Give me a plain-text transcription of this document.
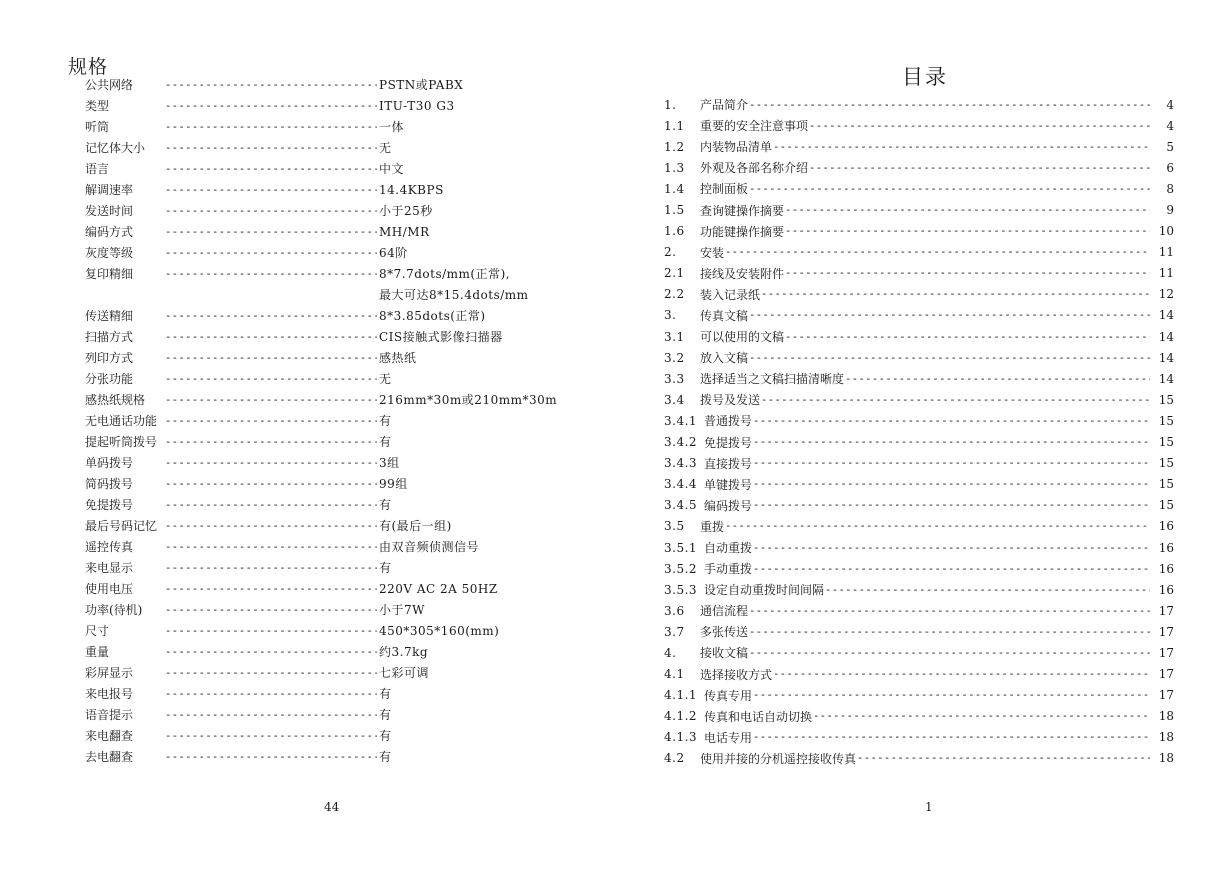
规格
公共网络 -----	PSTN或PABX
类型 -----	ITU-T30 G3
听筒 -----	一体
记忆体大小 -----	无
语言 -----	中文
解调速率 -----	14.4KBPS
发送时间 -----	小于25秒
编码方式 -----	MH/MR
灰度等级 -----	64阶
复印精细 -----	8*7.7dots/mm(正常),
最大可达8*15.4dots/mm
传送精细 -----	8*3.85dots(正常)
扫描方式 -----	CIS接触式影像扫描器
列印方式 -----	感热纸
分张功能 -----	无
感热纸规格 -----	216mm*30m或210mm*30m
无电通话功能 -----	有
提起听筒拨号 -----	有
单码拨号 -----	3组
简码拨号 -----	99组
免提拨号 -----	有
最后号码记忆 -----	有(最后一组)
遥控传真 -----	由双音频侦测信号
来电显示 -----	有
使用电压 -----	220V AC 2A 50HZ
功率(待机) -----	小于7W
尺寸 -----	450*305*160(mm)
重量 -----	约3.7kg
彩屏显示 -----	七彩可调
来电报号 -----	有
语音提示 -----	有
来电翻查 -----	有
去电翻查 -----	有
44
目录
1.	产品简介 -----	4
1.1	重要的安全注意事项 -----	4
1.2	内装物品清单 -----	5
1.3	外观及各部名称介绍 -----	6
1.4	控制面板 -----	8
1.5	查询键操作摘要 -----	9
1.6	功能键操作摘要 -----	10
2.	安装 -----	11
2.1	接线及安装附件 -----	11
2.2	装入记录纸 -----	12
3.	传真文稿 -----	14
3.1	可以使用的文稿 -----	14
3.2	放入文稿 -----	14
3.3	选择适当之文稿扫描清晰度 -----	14
3.4	拨号及发送 -----	15
3.4.1 普通拨号 -----	15
3.4.2 免提拨号 -----	15
3.4.3 直接拨号 -----	15
3.4.4 单键拨号 -----	15
3.4.5 编码拨号 -----	15
3.5	重拨 -----	16
3.5.1 自动重拨 -----	16
3.5.2 手动重拨 -----	16
3.5.3 设定自动重拨时间间隔 -----	16
3.6	通信流程 -----	17
3.7	多张传送 -----	17
4.	接收文稿 -----	17
4.1	选择接收方式 -----	17
4.1.1 传真专用 -----	17
4.1.2 传真和电话自动切换 -----	18
4.1.3 电话专用 -----	18
4.2	使用并接的分机遥控接收传真 -----	18
1
